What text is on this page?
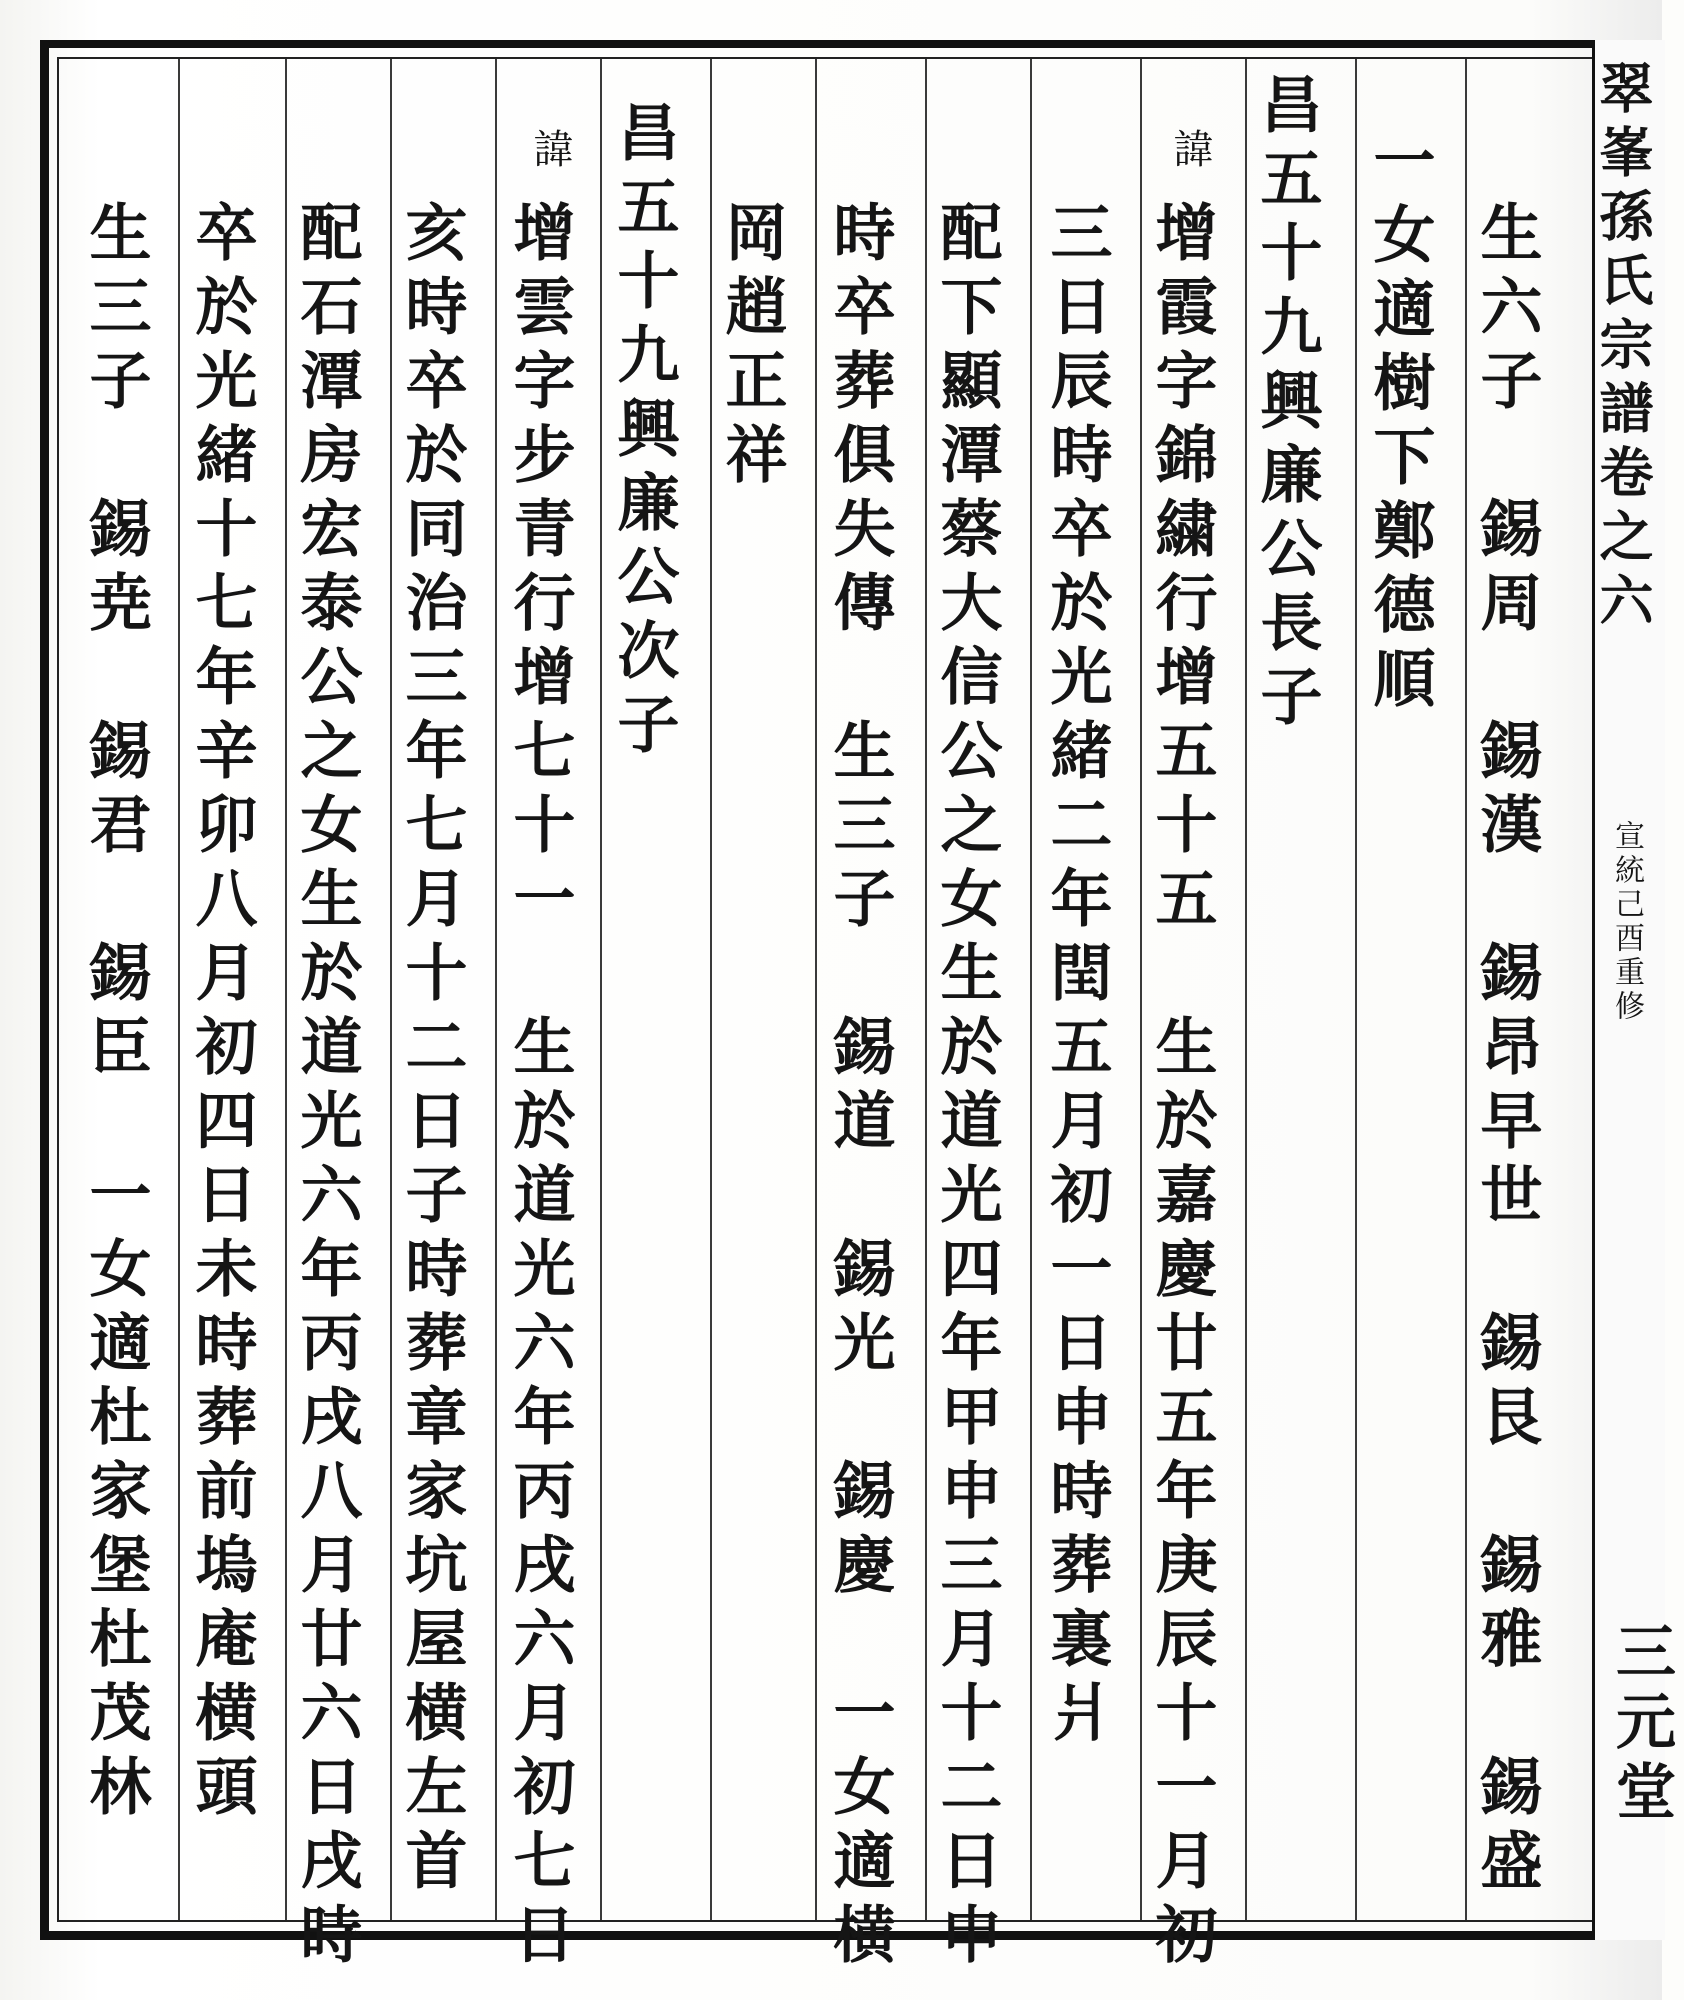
翠峯孫氏宗譜卷之六
宣統己酉重修
三元堂
生六子　錫周　錫漢　錫昂早世　錫艮　錫雅　錫盛
一女適樹下鄭德順
昌五十九興廉公長子
諱
增霞字錦繍行增五十五　生於嘉慶廿五年庚辰十一月初
三日辰時卒於光緒二年閏五月初一日申時葬裏爿
配下顯潭蔡大信公之女生於道光四年甲申三月十二日申
時卒葬俱失傳　生三子　錫道　錫光　錫慶　一女適横
岡趙正祥
昌五十九興廉公次子
諱
增雲字步青行增七十一　生於道光六年丙戌六月初七日
亥時卒於同治三年七月十二日子時葬章家坑屋横左首
配石潭房宏泰公之女生於道光六年丙戌八月廿六日戌時
卒於光緒十七年辛卯八月初四日未時葬前塢庵横頭
生三子　錫尭　錫君　錫臣　一女適杜家堡杜茂林
